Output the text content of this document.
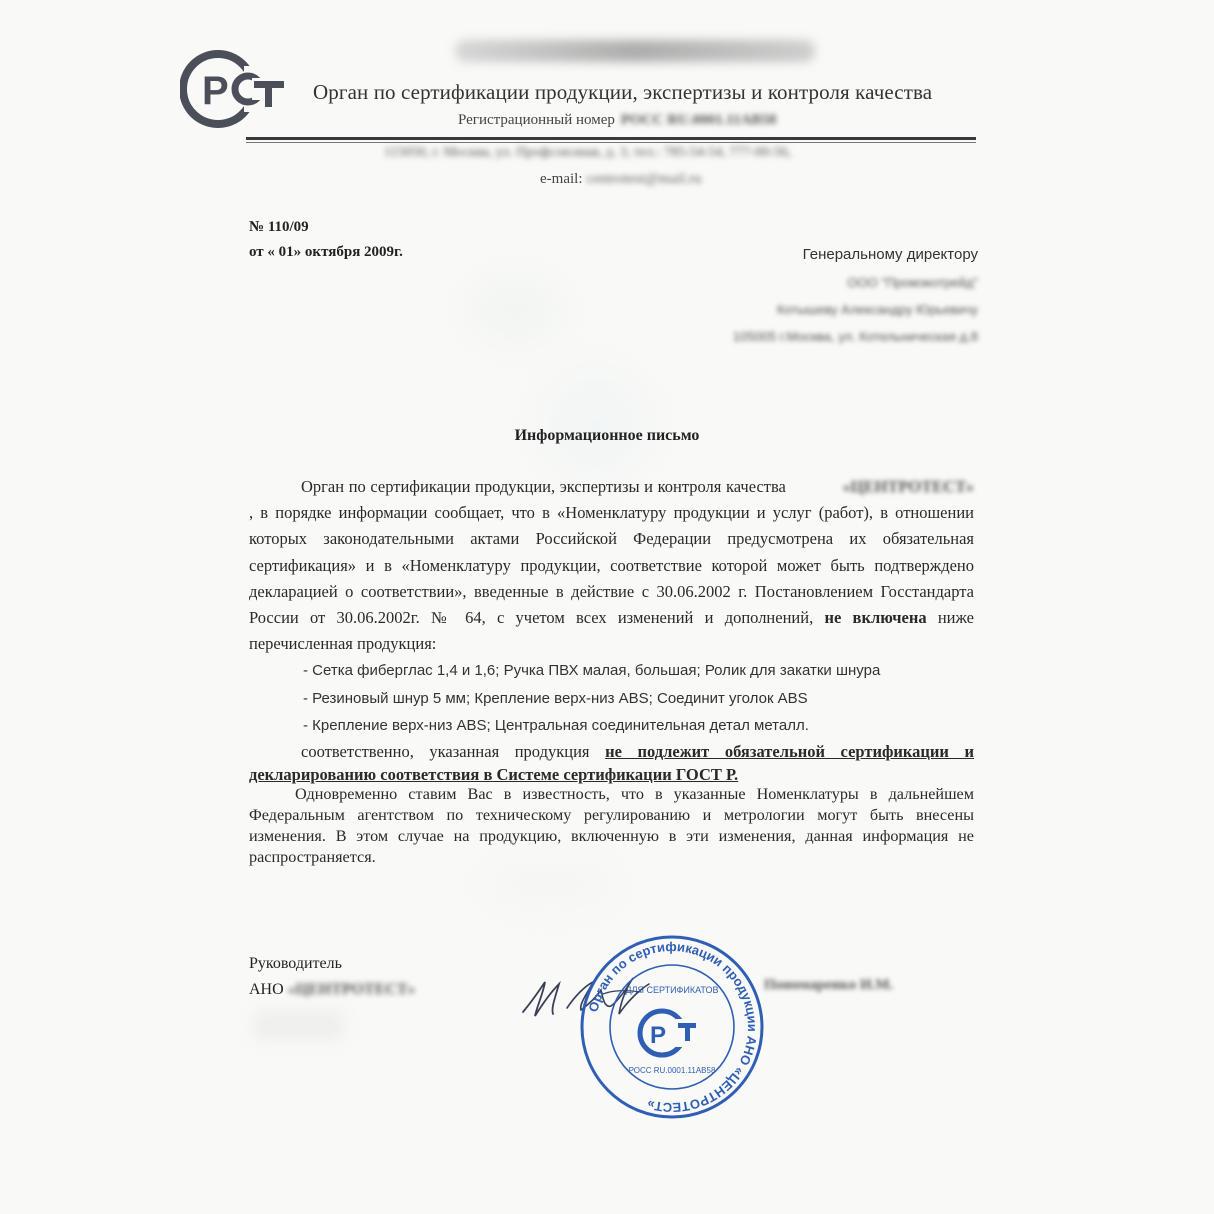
Р	Орган по сертификации продукции, экспертизы и контроля качества
Регистрационный номер РОСС RU.0001.11АВ58
115050, г. Москва, ул. Профсоюзная, д. 3, тел.: 785-54-54, 777-00-56,
e-mail: centrotest@mail.ru
№ 110/09
от « 01» октября 2009г.	Генеральному директору
ООО "Промэкотрейд"
Котышеву Александру Юрьевичу
105005 г.Москва, ул. Котельническая д.8
Информационное письмо
Орган по сертификации продукции, экспертизы и контроля качества	«ЦЕНТРОТЕСТ», в порядке информации сообщает, что в «Номенклатуру продукции и услуг (работ), в отношении которых законодательными актами Российской Федерации предусмотрена их обязательная сертификация» и в «Номенклатуру продукции, соответствие которой может быть подтверждено декларацией о соответствии», введенные в действие с 30.06.2002 г. Постановлением Госстандарта России от 30.06.2002г. № 64, с учетом всех изменений и дополнений, не включена ниже перечисленная продукция:
- Сетка фиберглас 1,4 и 1,6; Ручка ПВХ малая, большая; Ролик для закатки шнура
- Резиновый шнур 5 мм; Крепление верх-низ ABS; Соединит уголок ABS
- Крепление верх-низ ABS; Центральная соединительная детал металл.
соответственно, указанная продукция не подлежит обязательной сертификации и декларированию соответствия в Системе сертификации ГОСТ Р.
Одновременно ставим Вас в известность, что в указанные Номенклатуры в дальнейшем Федеральным агентством по техническому регулированию и метрологии могут быть внесены изменения. В этом случае на продукцию, включенную в эти изменения, данная информация не распространяется.
Руководитель
АНО «ЦЕНТРОТЕСТ»	Пономаренко И.М.
Орган по сертификации продукции АНО «ЦЕНТРОТЕСТ»
ДЛЯ СЕРТИФИКАТОВ
Р
РОСС RU.0001.11АВ58
